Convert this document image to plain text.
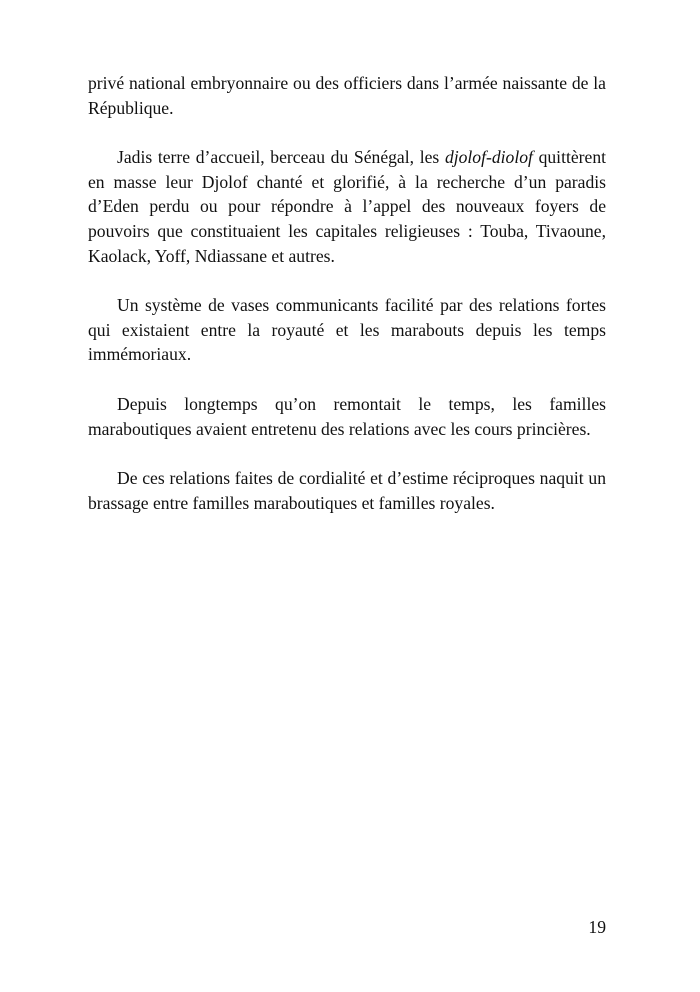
privé national embryonnaire ou des officiers dans l’armée naissante de la République.

Jadis terre d’accueil, berceau du Sénégal, les djolof-diolof quittèrent en masse leur Djolof chanté et glorifié, à la recherche d’un paradis d’Eden perdu ou pour répondre à l’appel des nouveaux foyers de pouvoirs que constituaient les capitales religieuses : Touba, Tivaoune, Kaolack, Yoff, Ndiassane et autres.

Un système de vases communicants facilité par des relations fortes qui existaient entre la royauté et les marabouts depuis les temps immémoriaux.

Depuis longtemps qu’on remontait le temps, les familles maraboutiques avaient entretenu des relations avec les cours princières.

De ces relations faites de cordialité et d’estime réciproques naquit un brassage entre familles maraboutiques et familles royales.

19
